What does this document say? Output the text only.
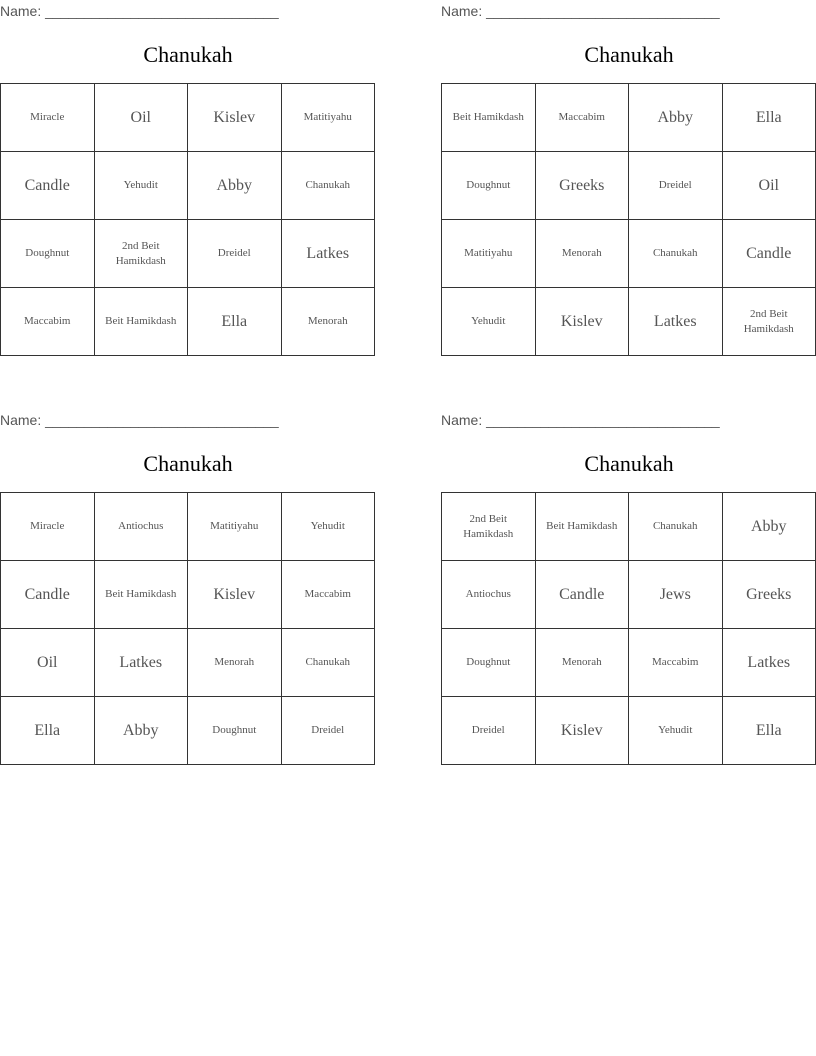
Name: ______________________________
Chanukah
Miracle	Oil	Kislev	Matitiyahu
Candle	Yehudit	Abby	Chanukah
Doughnut	2nd Beit Hamikdash	Dreidel	Latkes
Maccabim	Beit Hamikdash	Ella	Menorah
Name: ______________________________
Chanukah
Beit Hamikdash	Maccabim	Abby	Ella
Doughnut	Greeks	Dreidel	Oil
Matitiyahu	Menorah	Chanukah	Candle
Yehudit	Kislev	Latkes	2nd Beit Hamikdash
Name: ______________________________
Chanukah
Miracle	Antiochus	Matitiyahu	Yehudit
Candle	Beit Hamikdash	Kislev	Maccabim
Oil	Latkes	Menorah	Chanukah
Ella	Abby	Doughnut	Dreidel
Name: ______________________________
Chanukah
2nd Beit Hamikdash	Beit Hamikdash	Chanukah	Abby
Antiochus	Candle	Jews	Greeks
Doughnut	Menorah	Maccabim	Latkes
Dreidel	Kislev	Yehudit	Ella
